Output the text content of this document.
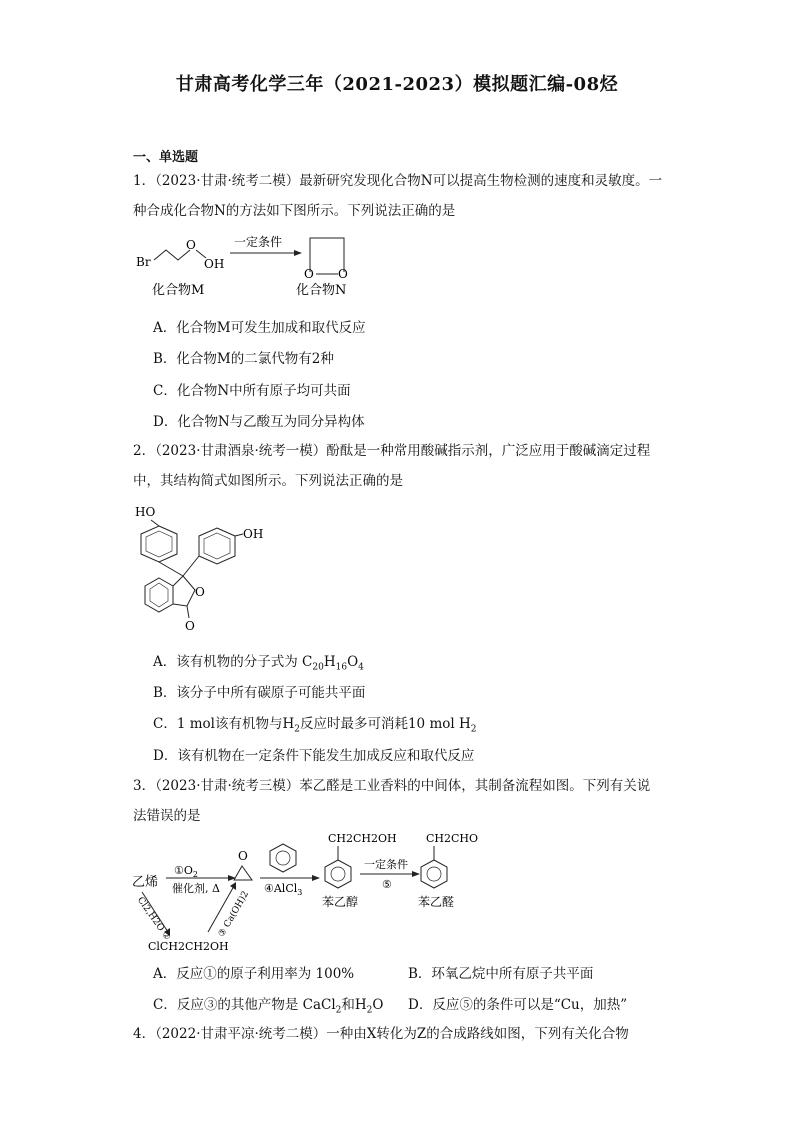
甘肃高考化学三年（2021-2023）模拟题汇编-08烃
一、单选题
1．（2023·甘肃·统考二模）最新研究发现化合物N可以提高生物检测的速度和灵敏度。一种合成化合物N的方法如下图所示。下列说法正确的是
Br
O
OH
一定条件
O O
化合物M	化合物N
A．化合物M可发生加成和取代反应
B．化合物M的二氯代物有2种
C．化合物N中所有原子均可共面
D．化合物N与乙酸互为同分异构体
2．（2023·甘肃酒泉·统考一模）酚酞是一种常用酸碱指示剂，广泛应用于酸碱滴定过程中，其结构简式如图所示。下列说法正确的是
HO
OH
O
O
A．该有机物的分子式为 $C_{20}H_{16}O_4$
B．该分子中所有碳原子可能共平面
C．1 mol该有机物与$H_2$反应时最多可消耗10 mol $H_2$
D．该有机物在一定条件下能发生加成反应和取代反应
3．（2023·甘肃·统考三模）苯乙醛是工业香料的中间体，其制备流程如图。下列有关说法错误的是
乙烯
$①O_2$
催化剂, Δ
O
④AlCl$_3$
CH2CH2OH
苯乙醇
一定条件
⑤
CH2CHO
苯乙醛
Cl2,H2O ②	③ Ca(OH)2
ClCH2CH2OH
A．反应①的原子利用率为 100%	B．环氧乙烷中所有原子共平面
C．反应③的其他产物是 CaCl$_2$和$H_2O$ D．反应⑤的条件可以是“Cu，加热”
4．（2022·甘肃平凉·统考二模）一种由X转化为Z的合成路线如图，下列有关化合物
